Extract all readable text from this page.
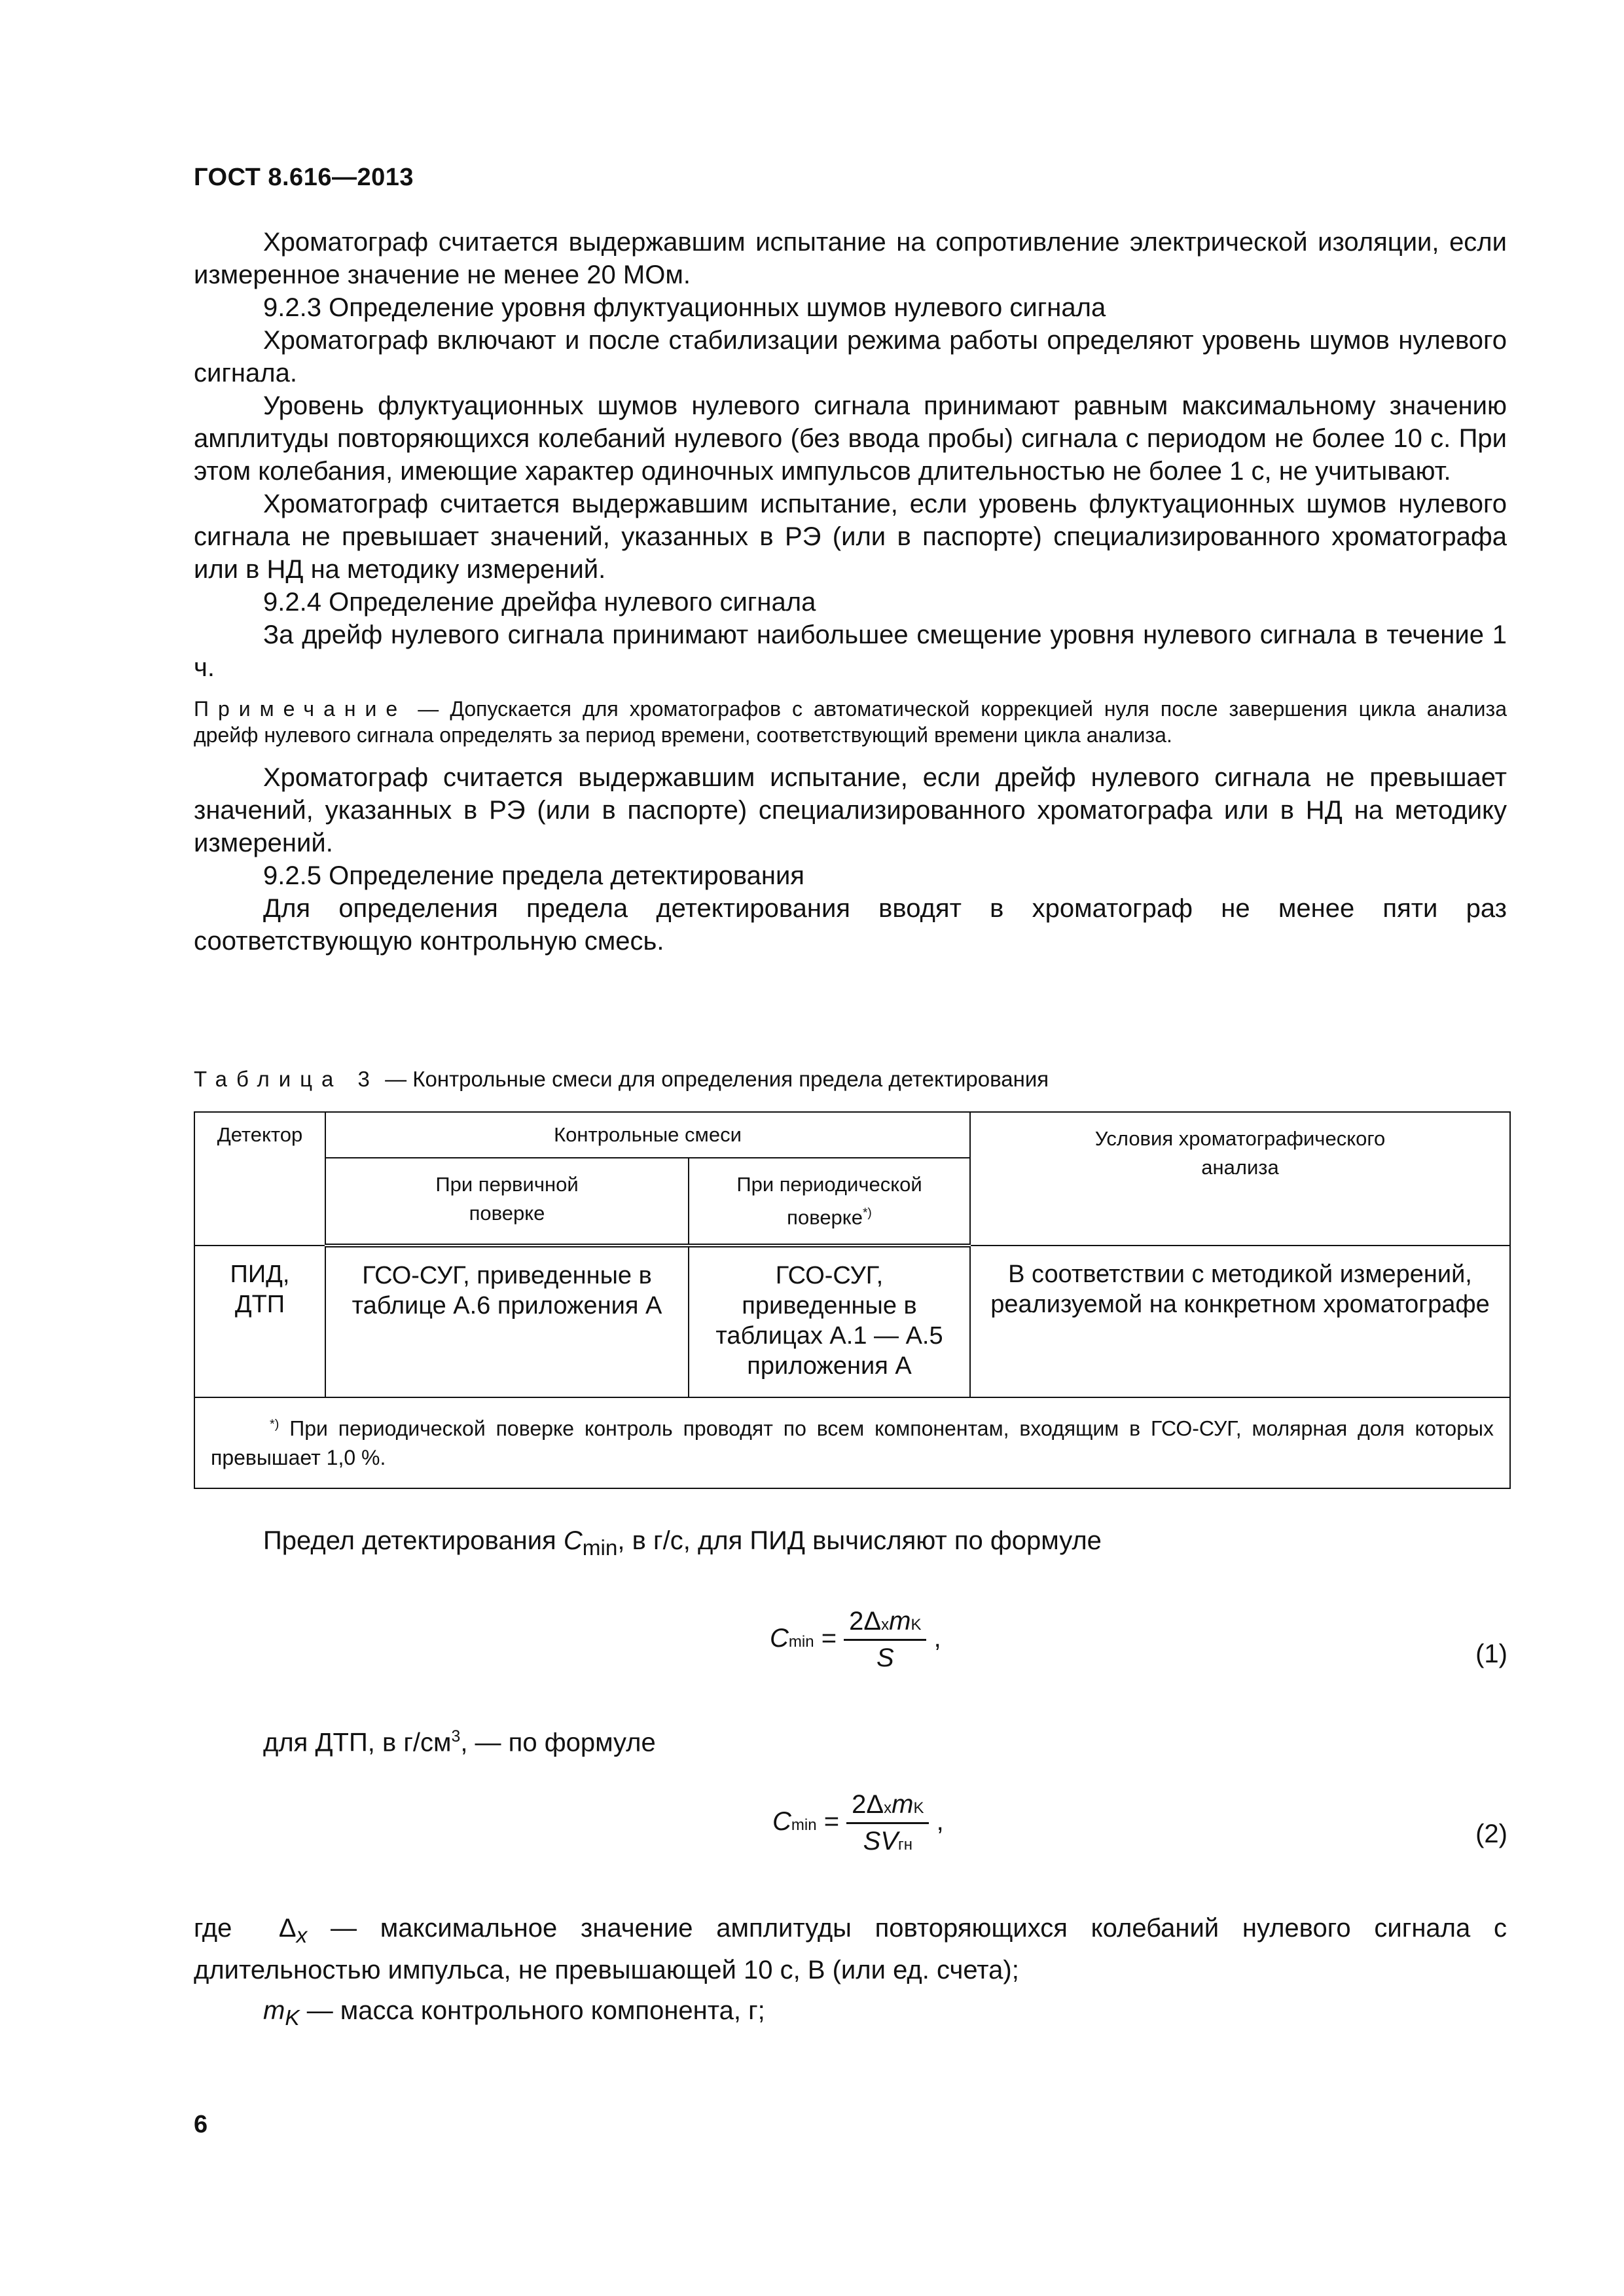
ГОСТ 8.616—2013

Хроматограф считается выдержавшим испытание на сопротивление электрической изоляции, если измеренное значение не менее 20 МОм.

9.2.3 Определение уровня флуктуационных шумов нулевого сигнала

Хроматограф включают и после стабилизации режима работы определяют уровень шумов нулевого сигнала.

Уровень флуктуационных шумов нулевого сигнала принимают равным максимальному значению амплитуды повторяющихся колебаний нулевого (без ввода пробы) сигнала с периодом не более 10 с. При этом колебания, имеющие характер одиночных импульсов длительностью не более 1 с, не учитывают.

Хроматограф считается выдержавшим испытание, если уровень флуктуационных шумов нулевого сигнала не превышает значений, указанных в РЭ (или в паспорте) специализированного хроматографа или в НД на методику измерений.

9.2.4 Определение дрейфа нулевого сигнала

За дрейф нулевого сигнала принимают наибольшее смещение уровня нулевого сигнала в течение 1 ч.

Примечание — Допускается для хроматографов с автоматической коррекцией нуля после завершения цикла анализа дрейф нулевого сигнала определять за период времени, соответствующий времени цикла анализа.

Хроматограф считается выдержавшим испытание, если дрейф нулевого сигнала не превышает значений, указанных в РЭ (или в паспорте) специализированного хроматографа или в НД на методику измерений.

9.2.5 Определение предела детектирования

Для определения предела детектирования вводят в хроматограф не менее пяти раз соответствующую контрольную смесь.

Таблица 3 — Контрольные смеси для определения предела детектирования
Детектор	Контрольные смеси		Условия хроматографического анализа
	При первичной поверке	При периодической поверке*)
ПИД, ДТП	ГСО-СУГ, приведенные в таблице А.6 приложения А	ГСО-СУГ, приведенные в таблицах А.1 — А.5 приложения А	В соответствии с методикой измерений, реализуемой на конкретном хроматографе
*) При периодической поверке контроль проводят по всем компонентам, входящим в ГСО-СУГ, молярная доля которых превышает 1,0 %.			
Предел детектирования $C_{min}$, в г/с, для ПИД вычисляют по формуле
$Cmin = \frac{\text{2ΔxmK}}{S}$ ,
(1)
для ДТП, в $г/см^3$, — по формуле
$Cmin = \frac{\text{2ΔxmK}}{\text{SVгн}}$ ,	(2)
где $\Delta_x$ — максимальное значение амплитуды повторяющихся колебаний нулевого сигнала с длительностью импульса, не превышающей 10 с, В (или ед. счета);
$m_K$ — масса контрольного компонента, г;
6
